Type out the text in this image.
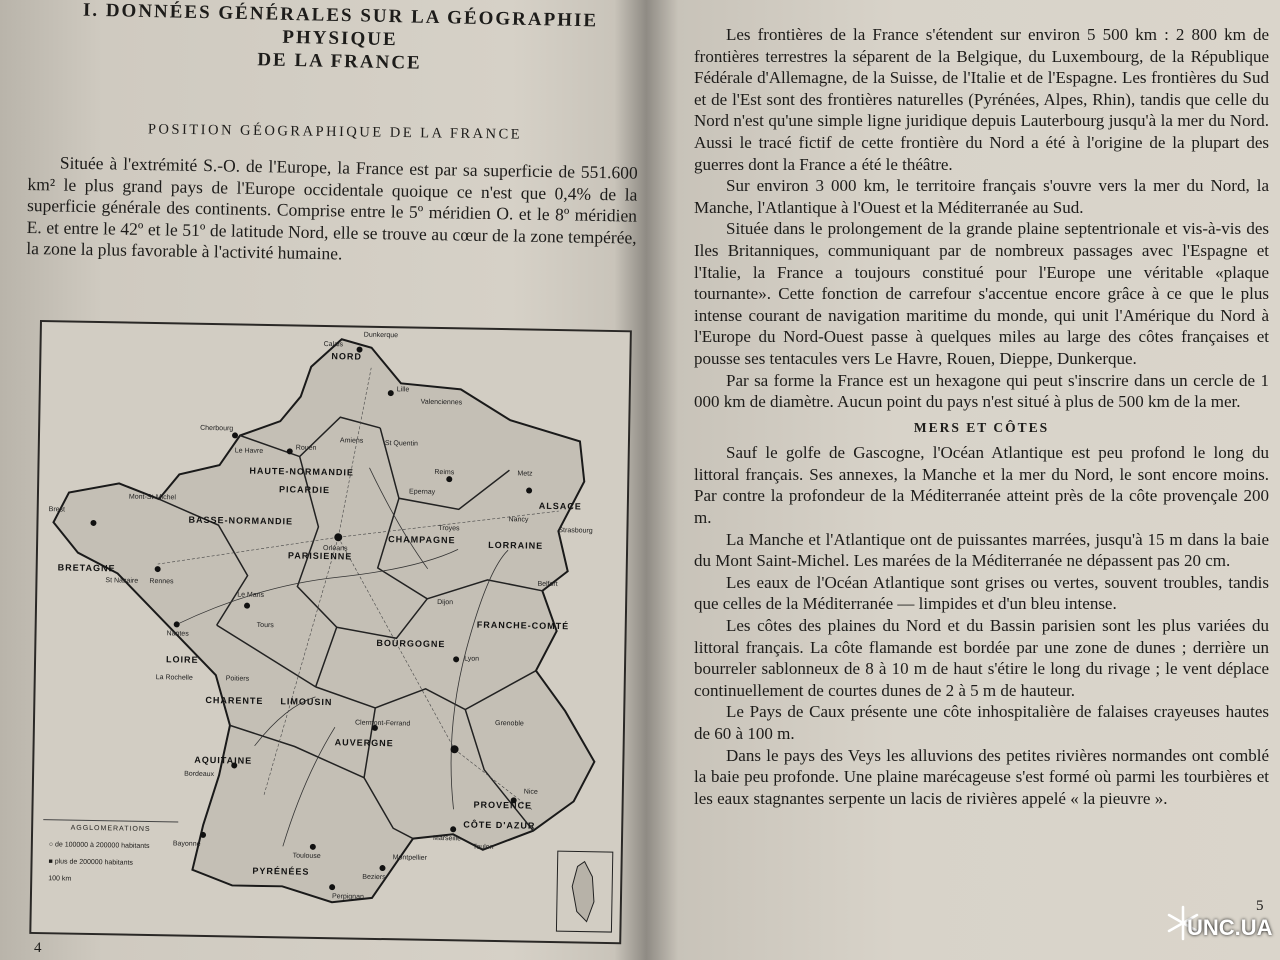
I. DONNÉES GÉNÉRALES SUR LA GÉOGRAPHIE PHYSIQUE
DE LA FRANCE
POSITION GÉOGRAPHIQUE DE LA FRANCE

Située à l'extrémité S.-O. de l'Europe, la France est par sa superficie de 551.600 km² le plus grand pays de l'Europe occidentale quoique ce n'est que 0,4% de la superficie générale des continents. Comprise entre le 5º méridien O. et le 8º méridien E. et entre le 42º et le 51º de latitude Nord, elle se trouve au cœur de la zone tempérée, la zone la plus favorable à l'activité humaine.

NORD
HAUTE-NORMANDIE
PICARDIE
BASSE-NORMANDIE
BRETAGNE
PARISIENNE
CHAMPAGNE
LORRAINE
FRANCHE-COMTÉ
BOURGOGNE
LOIRE
CHARENTE LIMOUSIN
AUVERGNE
AQUITAINE
PROVENCE
CÔTE D'AZUR
PYRÉNÉES
ALSACE
Dunkerque
Calais
Lille
Valenciennes
Cherbourg
Le Havre	Rouen
Amiens	St Quentin
Reims	Metz
Strasbourg
Brest
Mont-St-Michel
Rennes
Le Mans
Orléans
Tours
Nancy
Dijon
Belfort
St Nazaire
Nantes
La Rochelle
Clermont-Ferrand
Lyon
Grenoble
Bordeaux
Marseille
Toulon
Nice
Bayonne
Toulouse
Perpignan
Beziers
Montpellier
Troyes
Epernay
Poitiers
AGGLOMERATIONS
○ de 100000 à 200000 habitants
■ plus de 200000 habitants
100 km
4

Les frontières de la France s'étendent sur environ 5 500 km : 2 800 km de frontières terrestres la séparent de la Belgique, du Luxembourg, de la République Fédérale d'Allemagne, de la Suisse, de l'Italie et de l'Espagne. Les frontières du Sud et de l'Est sont des frontières naturelles (Pyrénées, Alpes, Rhin), tandis que celle du Nord n'est qu'une simple ligne juridique depuis Lauterbourg jusqu'à la mer du Nord. Aussi le tracé fictif de cette frontière du Nord a été à l'origine de la plupart des guerres dont la France a été le théâtre.

Sur environ 3 000 km, le territoire français s'ouvre vers la mer du Nord, la Manche, l'Atlantique à l'Ouest et la Méditerranée au Sud.

Située dans le prolongement de la grande plaine septentrionale et vis-à-vis des Iles Britanniques, communiquant par de nombreux passages avec l'Espagne et l'Italie, la France a toujours constitué pour l'Europe une véritable «plaque tournante». Cette fonction de carrefour s'accentue encore grâce à ce que le plus intense courant de navigation maritime du monde, qui unit l'Amérique du Nord à l'Europe du Nord-Ouest passe à quelques miles au large des côtes françaises et pousse ses tentacules vers Le Havre, Rouen, Dieppe, Dunkerque.

Par sa forme la France est un hexagone qui peut s'inscrire dans un cercle de 1 000 km de diamètre. Aucun point du pays n'est situé à plus de 500 km de la mer.

MERS ET CÔTES

Sauf le golfe de Gascogne, l'Océan Atlantique est peu profond le long du littoral français. Ses annexes, la Manche et la mer du Nord, le sont encore moins. Par contre la profondeur de la Méditerranée atteint près de la côte provençale 200 m.

La Manche et l'Atlantique ont de puissantes marrées, jusqu'à 15 m dans la baie du Mont Saint-Michel. Les marées de la Méditerranée ne dépassent pas 20 cm.

Les eaux de l'Océan Atlantique sont grises ou vertes, souvent troubles, tandis que celles de la Méditerranée — limpides et d'un bleu intense.

Les côtes des plaines du Nord et du Bassin parisien sont les plus variées du littoral français. La côte flamande est bordée par une zone de dunes ; derrière un bourreler sablonneux de 8 à 10 m de haut s'étire le long du rivage ; le vent déplace continuellement de courtes dunes de 2 à 5 m de hauteur.

Le Pays de Caux présente une côte inhospitalière de falaises crayeuses hautes de 60 à 100 m.

Dans le pays des Veys les alluvions des petites rivières normandes ont comblé la baie peu profonde. Une plaine marécageuse s'est formé où parmi les tourbières et les eaux stagnantes serpente un lacis de rivières appelé « la pieuvre ».

5
UNC.UA
